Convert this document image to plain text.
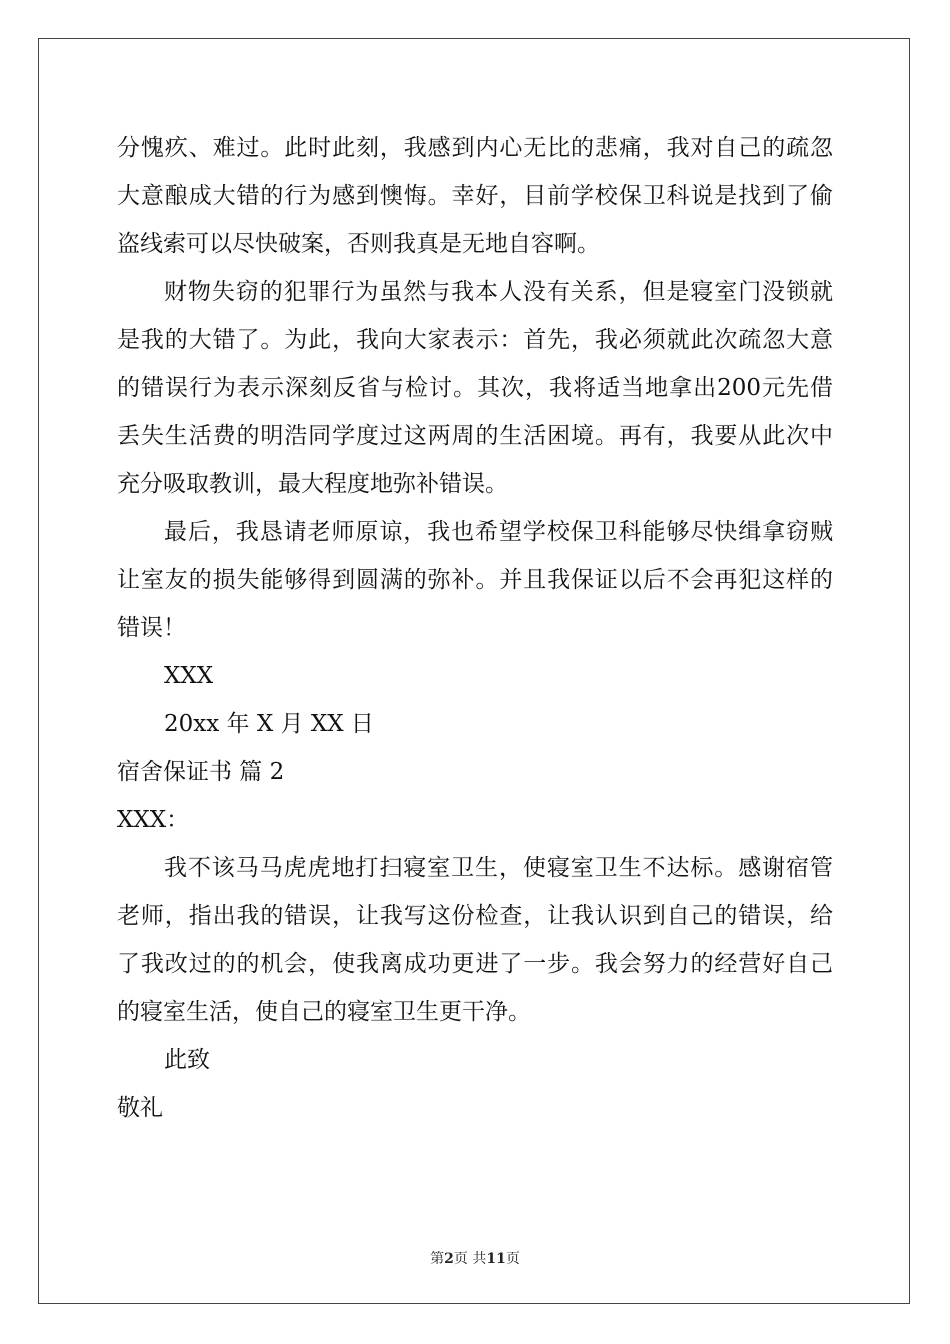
分愧疚、难过。此时此刻，我感到内心无比的悲痛，我对自己的疏忽
大意酿成大错的行为感到懊悔。幸好，目前学校保卫科说是找到了偷
盗线索可以尽快破案，否则我真是无地自容啊。
财物失窃的犯罪行为虽然与我本人没有关系，但是寝室门没锁就
是我的大错了。为此，我向大家表示：首先，我必须就此次疏忽大意
的错误行为表示深刻反省与检讨。其次，我将适当地拿出200元先借
丢失生活费的明浩同学度过这两周的生活困境。再有，我要从此次中
充分吸取教训，最大程度地弥补错误。
最后，我恳请老师原谅，我也希望学校保卫科能够尽快缉拿窃贼
让室友的损失能够得到圆满的弥补。并且我保证以后不会再犯这样的
错误！
XXX
20xx 年 X 月 XX 日
宿舍保证书 篇 2
XXX：
我不该马马虎虎地打扫寝室卫生，使寝室卫生不达标。感谢宿管
老师，指出我的错误，让我写这份检查，让我认识到自己的错误，给
了我改过的的机会，使我离成功更进了一步。我会努力的经营好自己
的寝室生活，使自己的寝室卫生更干净。
此致
敬礼
第2页 共11页
